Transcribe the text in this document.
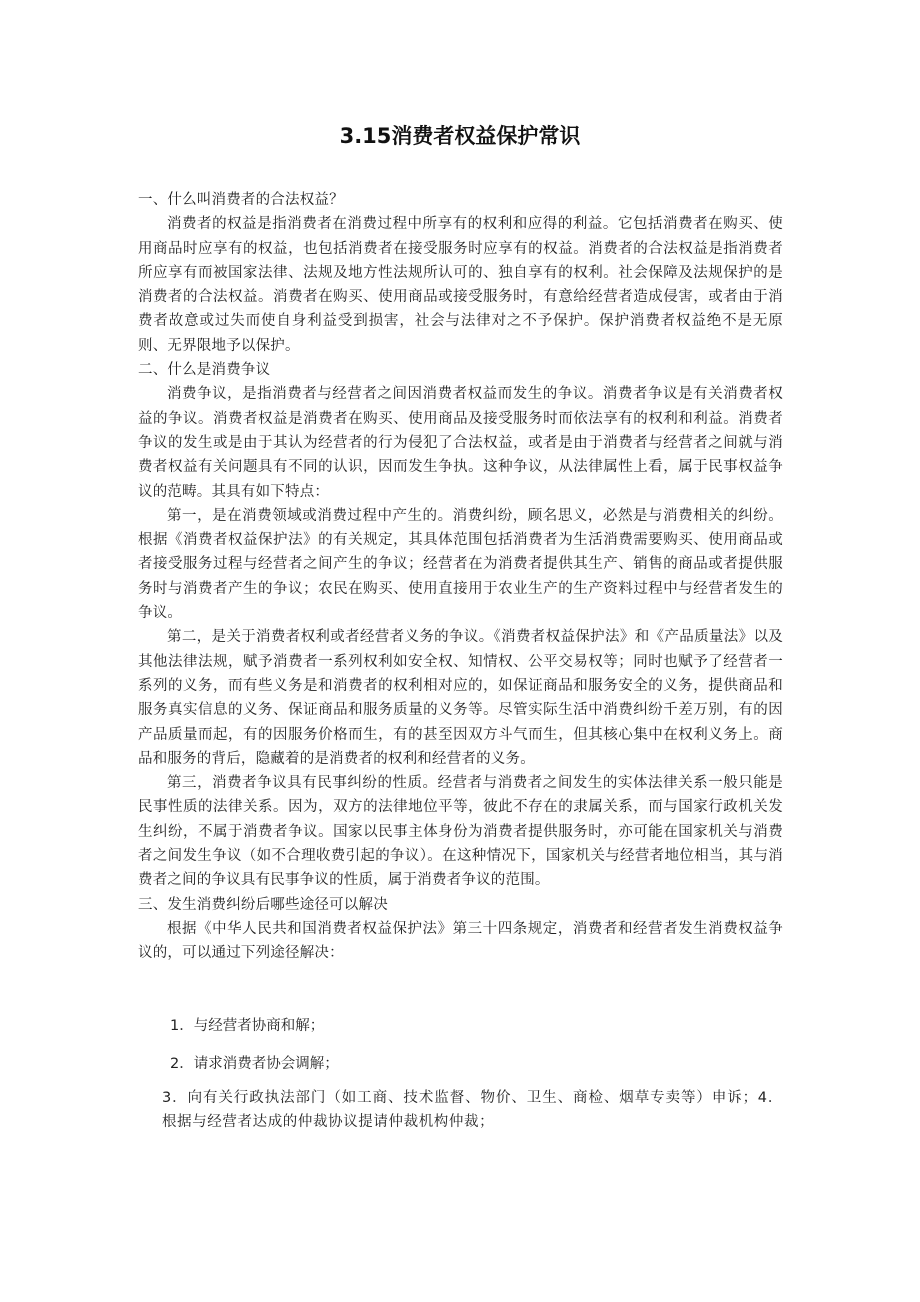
3.15消费者权益保护常识

一、什么叫消费者的合法权益？

消费者的权益是指消费者在消费过程中所享有的权利和应得的利益。它包括消费者在购买、使用商品时应享有的权益，也包括消费者在接受服务时应享有的权益。消费者的合法权益是指消费者所应享有而被国家法律、法规及地方性法规所认可的、独自享有的权利。社会保障及法规保护的是消费者的合法权益。消费者在购买、使用商品或接受服务时，有意给经营者造成侵害，或者由于消费者故意或过失而使自身利益受到损害，社会与法律对之不予保护。保护消费者权益绝不是无原则、无界限地予以保护。

二、什么是消费争议

消费争议，是指消费者与经营者之间因消费者权益而发生的争议。消费者争议是有关消费者权益的争议。消费者权益是消费者在购买、使用商品及接受服务时而依法享有的权利和利益。消费者争议的发生或是由于其认为经营者的行为侵犯了合法权益，或者是由于消费者与经营者之间就与消费者权益有关问题具有不同的认识，因而发生争执。这种争议，从法律属性上看，属于民事权益争议的范畴。其具有如下特点：

第一，是在消费领域或消费过程中产生的。消费纠纷，顾名思义，必然是与消费相关的纠纷。根据《消费者权益保护法》的有关规定，其具体范围包括消费者为生活消费需要购买、使用商品或者接受服务过程与经营者之间产生的争议；经营者在为消费者提供其生产、销售的商品或者提供服务时与消费者产生的争议；农民在购买、使用直接用于农业生产的生产资料过程中与经营者发生的争议。

第二，是关于消费者权利或者经营者义务的争议。《消费者权益保护法》和《产品质量法》以及其他法律法规，赋予消费者一系列权利如安全权、知情权、公平交易权等；同时也赋予了经营者一系列的义务，而有些义务是和消费者的权利相对应的，如保证商品和服务安全的义务，提供商品和服务真实信息的义务、保证商品和服务质量的义务等。尽管实际生活中消费纠纷千差万别，有的因产品质量而起，有的因服务价格而生，有的甚至因双方斗气而生，但其核心集中在权利义务上。商品和服务的背后，隐藏着的是消费者的权利和经营者的义务。

第三，消费者争议具有民事纠纷的性质。经营者与消费者之间发生的实体法律关系一般只能是民事性质的法律关系。因为，双方的法律地位平等，彼此不存在的隶属关系，而与国家行政机关发生纠纷，不属于消费者争议。国家以民事主体身份为消费者提供服务时，亦可能在国家机关与消费者之间发生争议（如不合理收费引起的争议）。在这种情况下，国家机关与经营者地位相当，其与消费者之间的争议具有民事争议的性质，属于消费者争议的范围。

三、发生消费纠纷后哪些途径可以解决

根据《中华人民共和国消费者权益保护法》第三十四条规定，消费者和经营者发生消费权益争议的，可以通过下列途径解决：

1．与经营者协商和解；

2．请求消费者协会调解；

3．向有关行政执法部门（如工商、技术监督、物价、卫生、商检、烟草专卖等）申诉；4．根据与经营者达成的仲裁协议提请仲裁机构仲裁；
